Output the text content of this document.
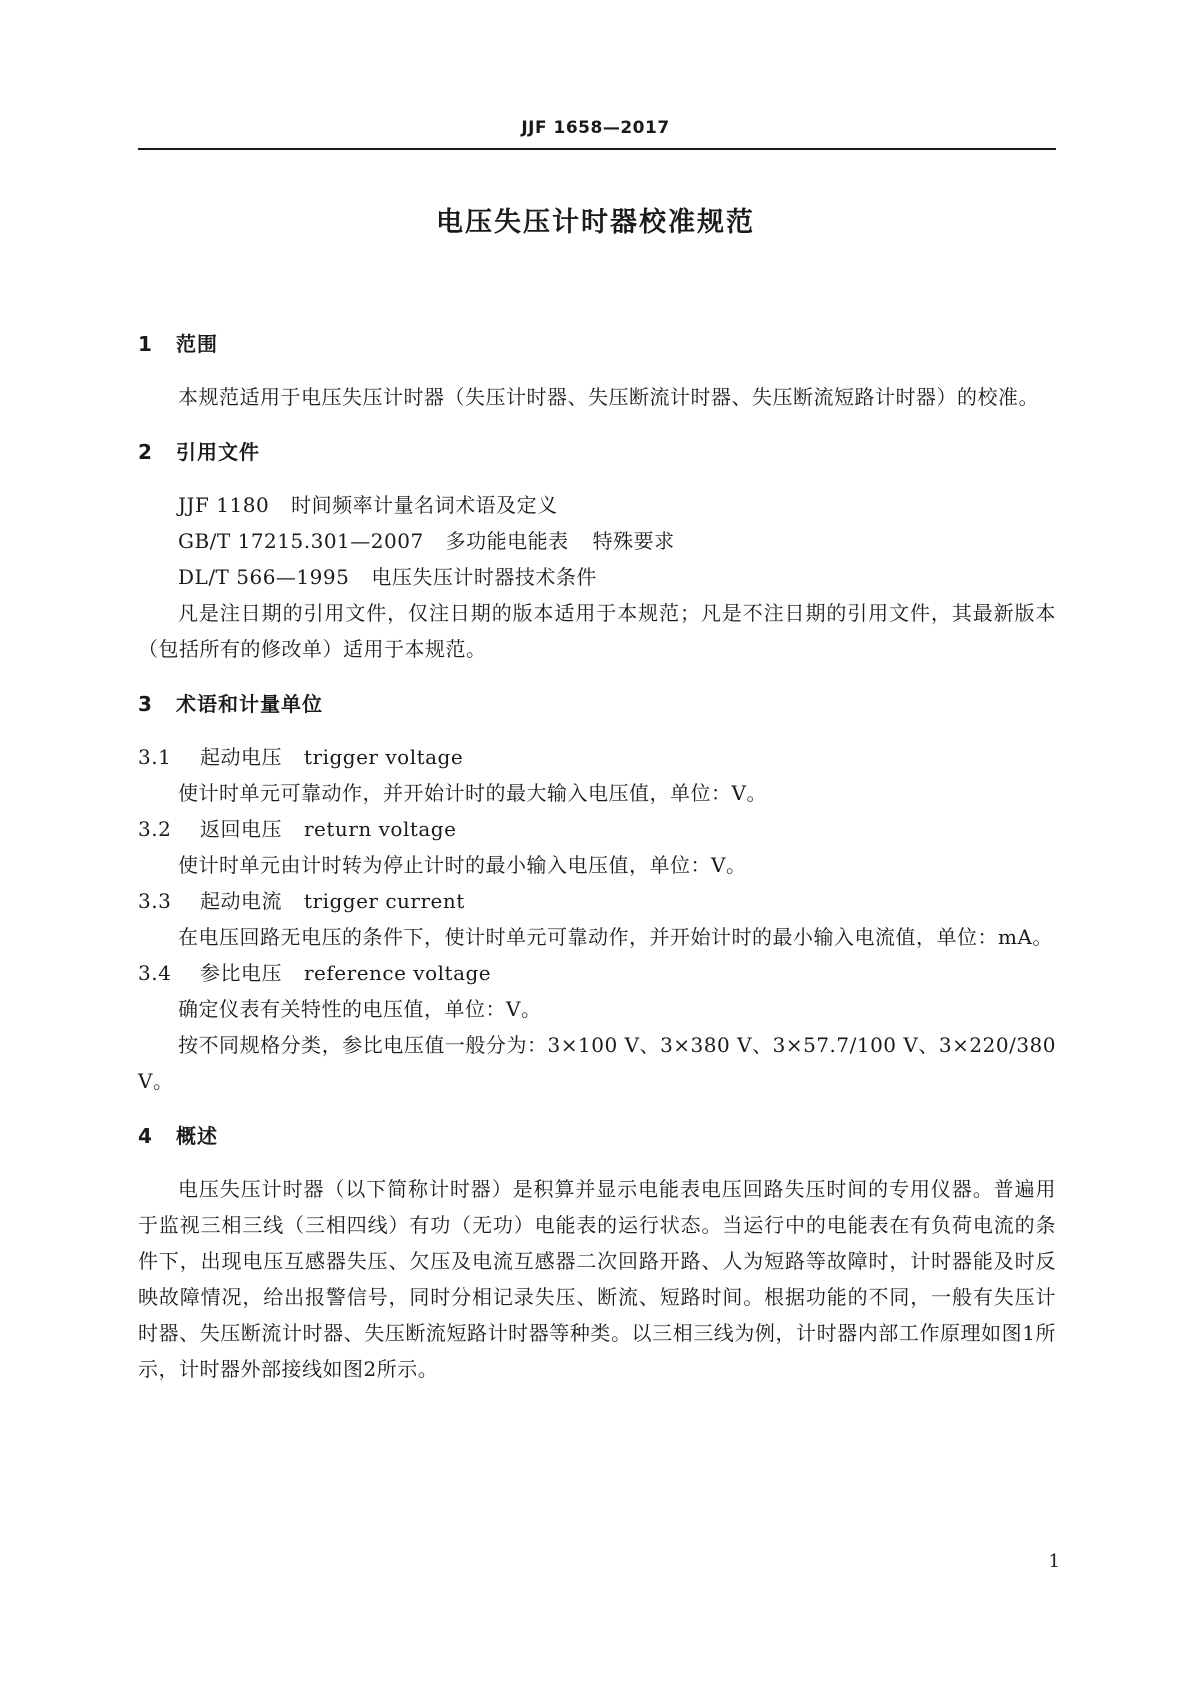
JJF 1658—2017
电压失压计时器校准规范
1 范围

本规范适用于电压失压计时器（失压计时器、失压断流计时器、失压断流短路计时器）的校准。

2 引用文件
JJF 1180 时间频率计量名词术语及定义
GB/T 17215.301—2007 多功能电能表 特殊要求
DL/T 566—1995 电压失压计时器技术条件

凡是注日期的引用文件，仅注日期的版本适用于本规范；凡是不注日期的引用文件，其最新版本（包括所有的修改单）适用于本规范。

3 术语和计量单位
3.1 起动电压 trigger voltage

使计时单元可靠动作，并开始计时的最大输入电压值，单位：V。

3.2 返回电压 return voltage

使计时单元由计时转为停止计时的最小输入电压值，单位：V。

3.3 起动电流 trigger current

在电压回路无电压的条件下，使计时单元可靠动作，并开始计时的最小输入电流值，单位：mA。

3.4 参比电压 reference voltage

确定仪表有关特性的电压值，单位：V。

按不同规格分类，参比电压值一般分为：3×100 V、3×380 V、3×57.7/100 V、3×220/380 V。

4 概述

电压失压计时器（以下简称计时器）是积算并显示电能表电压回路失压时间的专用仪器。普遍用于监视三相三线（三相四线）有功（无功）电能表的运行状态。当运行中的电能表在有负荷电流的条件下，出现电压互感器失压、欠压及电流互感器二次回路开路、人为短路等故障时，计时器能及时反映故障情况，给出报警信号，同时分相记录失压、断流、短路时间。根据功能的不同，一般有失压计时器、失压断流计时器、失压断流短路计时器等种类。以三相三线为例，计时器内部工作原理如图1所示，计时器外部接线如图2所示。

1
